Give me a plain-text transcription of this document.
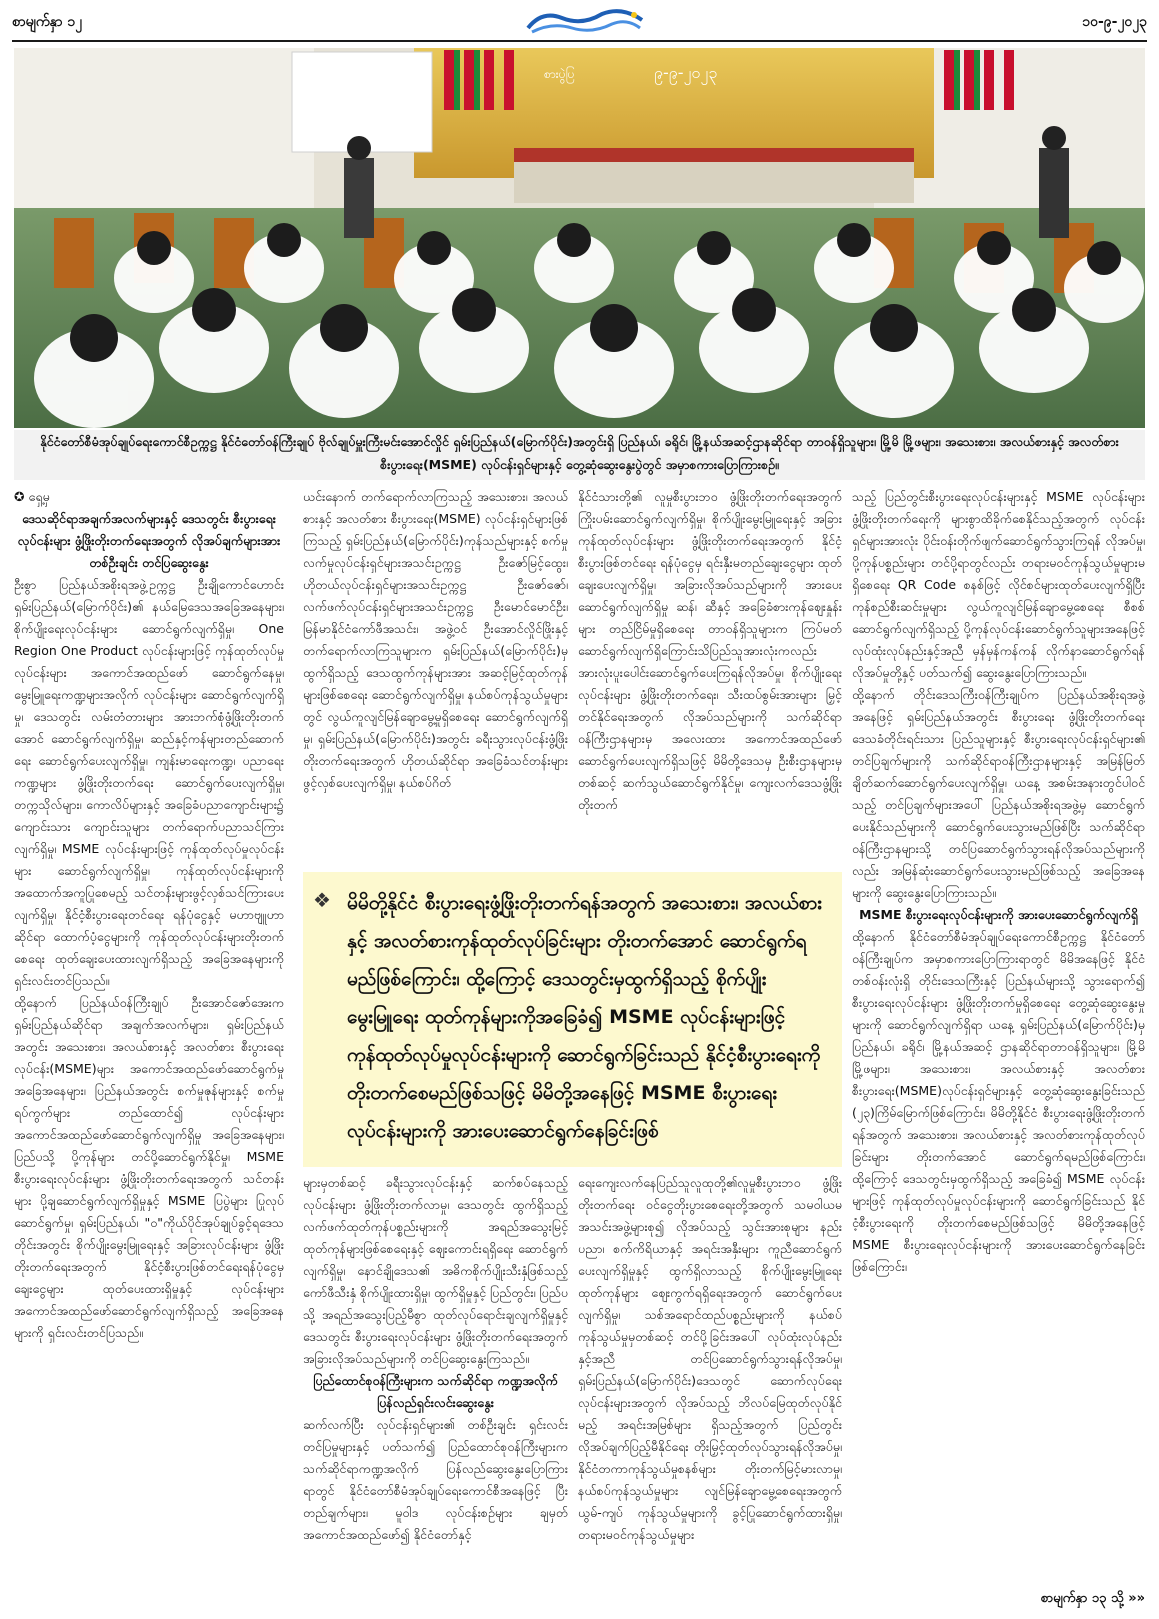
စာမျက်နှာ ၁၂	၁၀-၉-၂၀၂၃
စားပွဲပြ	၉-၉-၂၀၂၃
နိုင်ငံတော်စီမံအုပ်ချုပ်ရေးကောင်စီဥက္ကဋ္ဌ နိုင်ငံတော်ဝန်ကြီးချုပ် ဗိုလ်ချုပ်မှူးကြီးမင်းအောင်လှိုင် ရှမ်းပြည်နယ်(မြောက်ပိုင်း)အတွင်းရှိ ပြည်နယ်၊ ခရိုင်၊ မြို့နယ်အဆင့်ဌာနဆိုင်ရာ တာဝန်ရှိသူများ၊ မြို့မိ မြို့ဖများ၊ အသေးစား၊ အလယ်စားနှင့် အလတ်စားစီးပွားရေး(MSME) လုပ်ငန်းရှင်များနှင့် တွေ့ဆုံဆွေးနွေးပွဲတွင် အမှာစကားပြောကြားစဉ်။

✪ ရှေ့မှ

ဒေသဆိုင်ရာအချက်အလက်များနှင့် ဒေသတွင်း စီးပွားရေးလုပ်ငန်းများ ဖွံ့ဖြိုးတိုးတက်ရေးအတွက် လိုအပ်ချက်များအား တစ်ဦးချင်း တင်ပြဆွေးနွေး

ဦးစွာ ပြည်နယ်အစိုးရအဖွဲ့ဥက္ကဋ္ဌ ဦးချိုကောင်ဟောင်း ရှမ်းပြည်နယ်(မြောက်ပိုင်း)၏ နယ်မြေဒေသအခြေအနေများ၊ စိုက်ပျိုးရေးလုပ်ငန်းများ ဆောင်ရွက်လျက်ရှိမှု၊ One Region One Product လုပ်ငန်းများဖြင့် ကုန်ထုတ်လုပ်မှုလုပ်ငန်းများ အကောင်အထည်ဖော် ဆောင်ရွက်နေမှု၊ မွေးမြူရေးကဏ္ဍများအလိုက် လုပ်ငန်းများ ဆောင်ရွက်လျက်ရှိမှု၊ ဒေသတွင်း လမ်းတံတားများ အားဘက်စုံဖွံ့ဖြိုးတိုးတက်အောင် ဆောင်ရွက်လျက်ရှိမှု၊ ဆည်နှင့်ကန်များတည်ဆောက်ရေး ဆောင်ရွက်ပေးလျက်ရှိမှု၊ ကျန်းမာရေးကဏ္ဍ၊ ပညာရေးကဏ္ဍများ ဖွံ့ဖြိုးတိုးတက်ရေး ဆောင်ရွက်ပေးလျက်ရှိမှု၊ တက္ကသိုလ်များ၊ ကောလိပ်များနှင့် အခြေခံပညာကျောင်းများ၌ ကျောင်းသား ကျောင်းသူများ တက်ရောက်ပညာသင်ကြားလျက်ရှိမှု၊ MSME လုပ်ငန်းများဖြင့် ကုန်ထုတ်လုပ်မှုလုပ်ငန်းများ ဆောင်ရွက်လျက်ရှိမှု၊ ကုန်ထုတ်လုပ်ငန်းများကို အထောက်အကူပြုစေမည့် သင်တန်းများဖွင့်လှစ်သင်ကြားပေးလျက်ရှိမှု၊ နိုင်ငံ့စီးပွားရေးတင်ရေး ရန်ပုံငွေနှင့် မဟာဗျူဟာဆိုင်ရာ ထောက်ပံ့ငွေများကို ကုန်ထုတ်လုပ်ငန်းများတိုးတက်စေရေး ထုတ်ချေးပေးထားလျက်ရှိသည့် အခြေအနေများကို ရှင်းလင်းတင်ပြသည်။

ထို့နောက် ပြည်နယ်ဝန်ကြီးချုပ် ဦးအောင်ဇော်အေးက ရှမ်းပြည်နယ်ဆိုင်ရာ အချက်အလက်များ၊ ရှမ်းပြည်နယ်အတွင်း အသေးစား၊ အလယ်စားနှင့် အလတ်စား စီးပွားရေးလုပ်ငန်း(MSME)များ အကောင်အထည်ဖော်ဆောင်ရွက်မှု အခြေအနေများ၊ ပြည်နယ်အတွင်း စက်မှုဇုန်များနှင့် စက်မှုရပ်ကွက်များ တည်ထောင်၍ လုပ်ငန်းများအကောင်အထည်ဖော်ဆောင်ရွက်လျက်ရှိမှု အခြေအနေများ၊ ပြည်ပသို့ ပို့ကုန်များ တင်ပို့ဆောင်ရွက်နိုင်မှု၊ MSME စီးပွားရေးလုပ်ငန်းများ ဖွံ့ဖြိုးတိုးတက်ရေးအတွက် သင်တန်းများ ပို့ချဆောင်ရွက်လျက်ရှိမှုနှင့် MSME ပြပွဲများ ပြုလုပ်ဆောင်ရွက်မှု၊ ရှမ်းပြည်နယ်၊ "ဝ"ကိုယ်ပိုင်အုပ်ချုပ်ခွင့်ရဒေသတိုင်းအတွင်း စိုက်ပျိုးမွေးမြူရေးနှင့် အခြားလုပ်ငန်းများ ဖွံ့ဖြိုးတိုးတက်ရေးအတွက် နိုင်ငံ့စီးပွားဖြစ်တင်ရေးရန်ပုံငွေမှ ချေးငွေများ ထုတ်ပေးထားရှိမှုနှင့် လုပ်ငန်းများ အကောင်အထည်ဖော်ဆောင်ရွက်လျက်ရှိသည့် အခြေအနေများကို ရှင်းလင်းတင်ပြသည်။

ယင်းနောက် တက်ရောက်လာကြသည့် အသေးစား၊ အလယ်စားနှင့် အလတ်စား စီးပွားရေး(MSME) လုပ်ငန်းရှင်များဖြစ်ကြသည့် ရှမ်းပြည်နယ်(မြောက်ပိုင်း)ကုန်သည်များနှင့် စက်မှုလက်မှုလုပ်ငန်းရှင်များအသင်းဥက္ကဋ္ဌ ဦးဇော်မြင့်ထွေး၊ ဟိုတယ်လုပ်ငန်းရှင်များအသင်းဥက္ကဋ္ဌ ဦးဇော်ဇော်၊ လက်ဖက်လုပ်ငန်းရှင်များအသင်းဥက္ကဋ္ဌ ဦးမောင်မောင်ဦး၊ မြန်မာနိုင်ငံကော်ဖီအသင်း၊ အဖွဲ့ဝင် ဦးအောင်လှိုင်ဖြိုးနှင့် တက်ရောက်လာကြသူများက ရှမ်းပြည်နယ်(မြောက်ပိုင်း)မှ ထွက်ရှိသည့် ဒေသထွက်ကုန်များအား အဆင့်မြင့်ထုတ်ကုန်များဖြစ်စေရေး ဆောင်ရွက်လျက်ရှိမှု၊ နယ်စပ်ကုန်သွယ်မှုများတွင် လွယ်ကူလျင်မြန်ချောမွေ့မှုရှိစေရေး ဆောင်ရွက်လျက်ရှိမှု၊ ရှမ်းပြည်နယ်(မြောက်ပိုင်း)အတွင်း ခရီးသွားလုပ်ငန်းဖွံ့ဖြိုးတိုးတက်ရေးအတွက် ဟိုတယ်ဆိုင်ရာ အခြေခံသင်တန်းများ ဖွင့်လှစ်ပေးလျက်ရှိမှု၊ နယ်စပ်ဂိတ်

နိုင်ငံသားတို့၏ လူမှုစီးပွားဘဝ ဖွံ့ဖြိုးတိုးတက်ရေးအတွက် ကြိုးပမ်းဆောင်ရွက်လျက်ရှိမှု၊ စိုက်ပျိုးမွေးမြူရေးနှင့် အခြားကုန်ထုတ်လုပ်ငန်းများ ဖွံ့ဖြိုးတိုးတက်ရေးအတွက် နိုင်ငံ့စီးပွားဖြစ်တင်ရေး ရန်ပုံငွေမှ ရင်းနှီးမတည်ချေးငွေများ ထုတ်ချေးပေးလျက်ရှိမှု၊ အခြားလိုအပ်သည်များကို အားပေးဆောင်ရွက်လျက်ရှိမှု ဆန်၊ ဆီနှင့် အခြေခံစားကုန်ဈေးနှုန်းများ တည်ငြိမ်မှုရှိစေရေး တာဝန်ရှိသူများက ကြပ်မတ်ဆောင်ရွက်လျက်ရှိကြောင်းသိပြည်သူအားလုံးကလည်း အားလုံးပူးပေါင်းဆောင်ရွက်ပေးကြရန်လိုအပ်မှု၊ စိုက်ပျိုးရေးလုပ်ငန်းများ ဖွံ့ဖြိုးတိုးတက်ရေး၊ သီးထပ်စွမ်းအားများ မြှင့်တင်နိုင်ရေးအတွက် လိုအပ်သည်များကို သက်ဆိုင်ရာဝန်ကြီးဌာနများမှ အလေးထား အကောင်အထည်ဖော် ဆောင်ရွက်ပေးလျက်ရှိသဖြင့် မိမိတို့ဒေသမှ ဦးစီးဌာနများမှတစ်ဆင့် ဆက်သွယ်ဆောင်ရွက်နိုင်မှု၊ ကျေးလက်ဒေသဖွံ့ဖြိုးတိုးတက်

သည့် ပြည်တွင်းစီးပွားရေးလုပ်ငန်းများနှင့် MSME လုပ်ငန်းများ ဖွံ့ဖြိုးတိုးတက်ရေးကို များစွာထိခိုက်စေနိုင်သည့်အတွက် လုပ်ငန်းရှင်များအားလုံး ပိုင်းဝန်းတိုက်ဖျက်ဆောင်ရွက်သွားကြရန် လိုအပ်မှု၊ ပို့ကုန်ပစ္စည်းများ တင်ပို့ရာတွင်လည်း တရားမဝင်ကုန်သွယ်မှုများမရှိစေရေး QR Code စနစ်ဖြင့် လိုင်စင်များထုတ်ပေးလျက်ရှိပြီး ကုန်စည်စီးဆင်းမှုများ လွယ်ကူလျင်မြန်ချောမွေ့စေရေး စီစစ်ဆောင်ရွက်လျက်ရှိသည့် ပို့ကုန်လုပ်ငန်းဆောင်ရွက်သူများအနေဖြင့် လုပ်ထုံးလုပ်နည်းနှင့်အညီ မှန်မှန်ကန်ကန် လိုက်နာဆောင်ရွက်ရန် လိုအပ်မှုတို့နှင့် ပတ်သက်၍ ဆွေးနွေးပြောကြားသည်။

ထို့နောက် တိုင်းဒေသကြီးဝန်ကြီးချုပ်က ပြည်နယ်အစိုးရအဖွဲ့အနေဖြင့် ရှမ်းပြည်နယ်အတွင်း စီးပွားရေး ဖွံ့ဖြိုးတိုးတက်ရေး ဒေသခံတိုင်းရင်းသား ပြည်သူများနှင့် စီးပွားရေးလုပ်ငန်းရှင်များ၏ တင်ပြချက်များကို သက်ဆိုင်ရာဝန်ကြီးဌာနများနှင့် အမြန်မြတ် ချိတ်ဆက်ဆောင်ရွက်ပေးလျက်ရှိမှု၊ ယနေ့ အစမ်းအနားတွင်ပါဝင်သည့် တင်ပြချက်များအပေါ် ပြည်နယ်အစိုးရအဖွဲ့မှ ဆောင်ရွက်ပေးနိုင်သည်များကို ဆောင်ရွက်ပေးသွားမည်ဖြစ်ပြီး သက်ဆိုင်ရာဝန်ကြီးဌာနများသို့ တင်ပြဆောင်ရွက်သွားရန်လိုအပ်သည်များကိုလည်း အမြန်ဆုံးဆောင်ရွက်ပေးသွားမည်ဖြစ်သည့် အခြေအနေများကို ဆွေးနွေးပြောကြားသည်။

MSME စီးပွားရေးလုပ်ငန်းများကို အားပေးဆောင်ရွက်လျက်ရှိ

ထို့နောက် နိုင်ငံတော်စီမံအုပ်ချုပ်ရေးကောင်စီဥက္ကဋ္ဌ နိုင်ငံတော်ဝန်ကြီးချုပ်က အမှာစကားပြောကြားရာတွင် မိမိအနေဖြင့် နိုင်ငံတစ်ဝန်းလုံးရှိ တိုင်းဒေသကြီးနှင့် ပြည်နယ်များသို့ သွားရောက်၍ စီးပွားရေးလုပ်ငန်းများ ဖွံ့ဖြိုးတိုးတက်မှုရှိစေရေး တွေ့ဆုံဆွေးနွေးမှုများကို ဆောင်ရွက်လျက်ရှိရာ ယနေ့ ရှမ်းပြည်နယ်(မြောက်ပိုင်း)မှ ပြည်နယ်၊ ခရိုင်၊ မြို့နယ်အဆင့် ဌာနဆိုင်ရာတာဝန်ရှိသူများ၊ မြို့မိ မြို့ဖများ၊ အသေးစား၊ အလယ်စားနှင့် အလတ်စား စီးပွားရေး(MSME)လုပ်ငန်းရှင်များနှင့် တွေ့ဆုံဆွေးနွေးခြင်းသည် (၂၃)ကြိမ်မြောက်ဖြစ်ကြောင်း၊ မိမိတို့နိုင်ငံ စီးပွားရေးဖွံ့ဖြိုးတိုးတက်ရန်အတွက် အသေးစား၊ အလယ်စားနှင့် အလတ်စားကုန်ထုတ်လုပ်ခြင်းများ တိုးတက်အောင် ဆောင်ရွက်ရမည်ဖြစ်ကြောင်း၊ ထို့ကြောင့် ဒေသတွင်းမှထွက်ရှိသည့် အခြေခံ၍ MSME လုပ်ငန်းများဖြင့် ကုန်ထုတ်လုပ်မှုလုပ်ငန်းများကို ဆောင်ရွက်ခြင်းသည် နိုင်ငံ့စီးပွားရေးကို တိုးတက်စေမည်ဖြစ်သဖြင့် မိမိတို့အနေဖြင့် MSME စီးပွားရေးလုပ်ငန်းများကို အားပေးဆောင်ရွက်နေခြင်းဖြစ်ကြောင်း၊

❖ မိမိတို့နိုင်ငံ စီးပွားရေးဖွံ့ဖြိုးတိုးတက်ရန်အတွက် အသေးစား၊ အလယ်စားနှင့် အလတ်စားကုန်ထုတ်လုပ်ခြင်းများ တိုးတက်အောင် ဆောင်ရွက်ရမည်ဖြစ်ကြောင်း၊ ထို့ကြောင့် ဒေသတွင်းမှထွက်ရှိသည့် စိုက်ပျိုးမွေးမြူရေး ထုတ်ကုန်များကိုအခြေခံ၍ MSME လုပ်ငန်းများဖြင့် ကုန်ထုတ်လုပ်မှုလုပ်ငန်းများကို ဆောင်ရွက်ခြင်းသည် နိုင်ငံ့စီးပွားရေးကို တိုးတက်စေမည်ဖြစ်သဖြင့် မိမိတို့အနေဖြင့် MSME စီးပွားရေးလုပ်ငန်းများကို အားပေးဆောင်ရွက်နေခြင်းဖြစ်

များမှတစ်ဆင့် ခရီးသွားလုပ်ငန်းနှင့် ဆက်စပ်နေသည့်လုပ်ငန်းများ ဖွံ့ဖြိုးတိုးတက်လာမှု၊ ဒေသတွင်း ထွက်ရှိသည့်လက်ဖက်ထုတ်ကုန်ပစ္စည်းများကို အရည်အသွေးမြင့်ထုတ်ကုန်များဖြစ်စေရေးနှင့် ဈေးကောင်းရရှိရေး ဆောင်ရွက်လျက်ရှိမှု၊ နောင်ချိုဒေသ၏ အဓိကစိုက်ပျိုးသီးနှံဖြစ်သည့် ကော်ဖီသီးနှံ စိုက်ပျိုးထားရှိမှု၊ ထွက်ရှိမှုနှင့် ပြည်တွင်း၊ ပြည်ပသို့ အရည်အသွေးပြည့်မီစွာ ထုတ်လုပ်ရောင်းချလျက်ရှိမှုနှင့် ဒေသတွင်း စီးပွားရေးလုပ်ငန်းများ ဖွံ့ဖြိုးတိုးတက်ရေးအတွက် အခြားလိုအပ်သည်များကို တင်ပြဆွေးနွေးကြသည်။

ပြည်ထောင်စုဝန်ကြီးများက သက်ဆိုင်ရာ ကဏ္ဍအလိုက် ပြန်လည်ရှင်းလင်းဆွေးနွေး

ဆက်လက်ပြီး လုပ်ငန်းရှင်များ၏ တစ်ဦးချင်း ရှင်းလင်းတင်ပြမှုများနှင့် ပတ်သက်၍ ပြည်ထောင်စုဝန်ကြီးများက သက်ဆိုင်ရာကဏ္ဍအလိုက် ပြန်လည်ဆွေးနွေးပြောကြားရာတွင် နိုင်ငံတော်စီမံအုပ်ချုပ်ရေးကောင်စီအနေဖြင့် ပြီးတည်ချက်များ၊ မူဝါဒ လုပ်ငန်းစဉ်များ ချမှတ်အကောင်အထည်ဖော်၍ နိုင်ငံတော်နှင့်

ရေးကျေးလက်နေပြည်သူလူထုတို့၏လူမှုစီးပွားဘဝ ဖွံ့ဖြိုးတိုးတက်ရေး ဝင်ငွေတိုးပွားစေရေးတို့အတွက် သမဝါယမအသင်းအဖွဲ့များစု၍ လိုအပ်သည့် သွင်းအားစုများ နည်းပညာ၊ စက်ကိရိယာနှင့် အရင်းအနှီးများ ကူညီဆောင်ရွက်ပေးလျက်ရှိမှုနှင့် ထွက်ရှိလာသည့် စိုက်ပျိုးမွေးမြူရေးထုတ်ကုန်များ ဈေးကွက်ရရှိရေးအတွက် ဆောင်ရွက်ပေးလျက်ရှိမှု၊ သစ်အရောင်ထည်ပစ္စည်းများကို နယ်စပ်ကုန်သွယ်မှုမှတစ်ဆင့် တင်ပို့ခြင်းအပေါ် လုပ်ထုံးလုပ်နည်းနှင့်အညီ တင်ပြဆောင်ရွက်သွားရန်လိုအပ်မှု၊ ရှမ်းပြည်နယ်(မြောက်ပိုင်း)ဒေသတွင် ဆောက်လုပ်ရေးလုပ်ငန်းများအတွက် လိုအပ်သည့် ဘိလပ်မြေထုတ်လုပ်နိုင်မည့် အရင်းအမြစ်များ ရှိသည့်အတွက် ပြည်တွင်းလိုအပ်ချက်ပြည့်မီနိုင်ရေး တိုးမြှင့်ထုတ်လုပ်သွားရန်လိုအပ်မှု၊ နိုင်ငံတကာကုန်သွယ်မှုစနစ်များ တိုးတက်မြင့်မားလာမှု၊ နယ်စပ်ကုန်သွယ်မှုများ လျင်မြန်ချောမွေ့စေရေးအတွက် ယွမ်-ကျပ် ကုန်သွယ်မှုများကို ခွင့်ပြုဆောင်ရွက်ထားရှိမှု၊ တရားမဝင်ကုန်သွယ်မှုများ

စာမျက်နှာ ၁၃ သို့ »»
